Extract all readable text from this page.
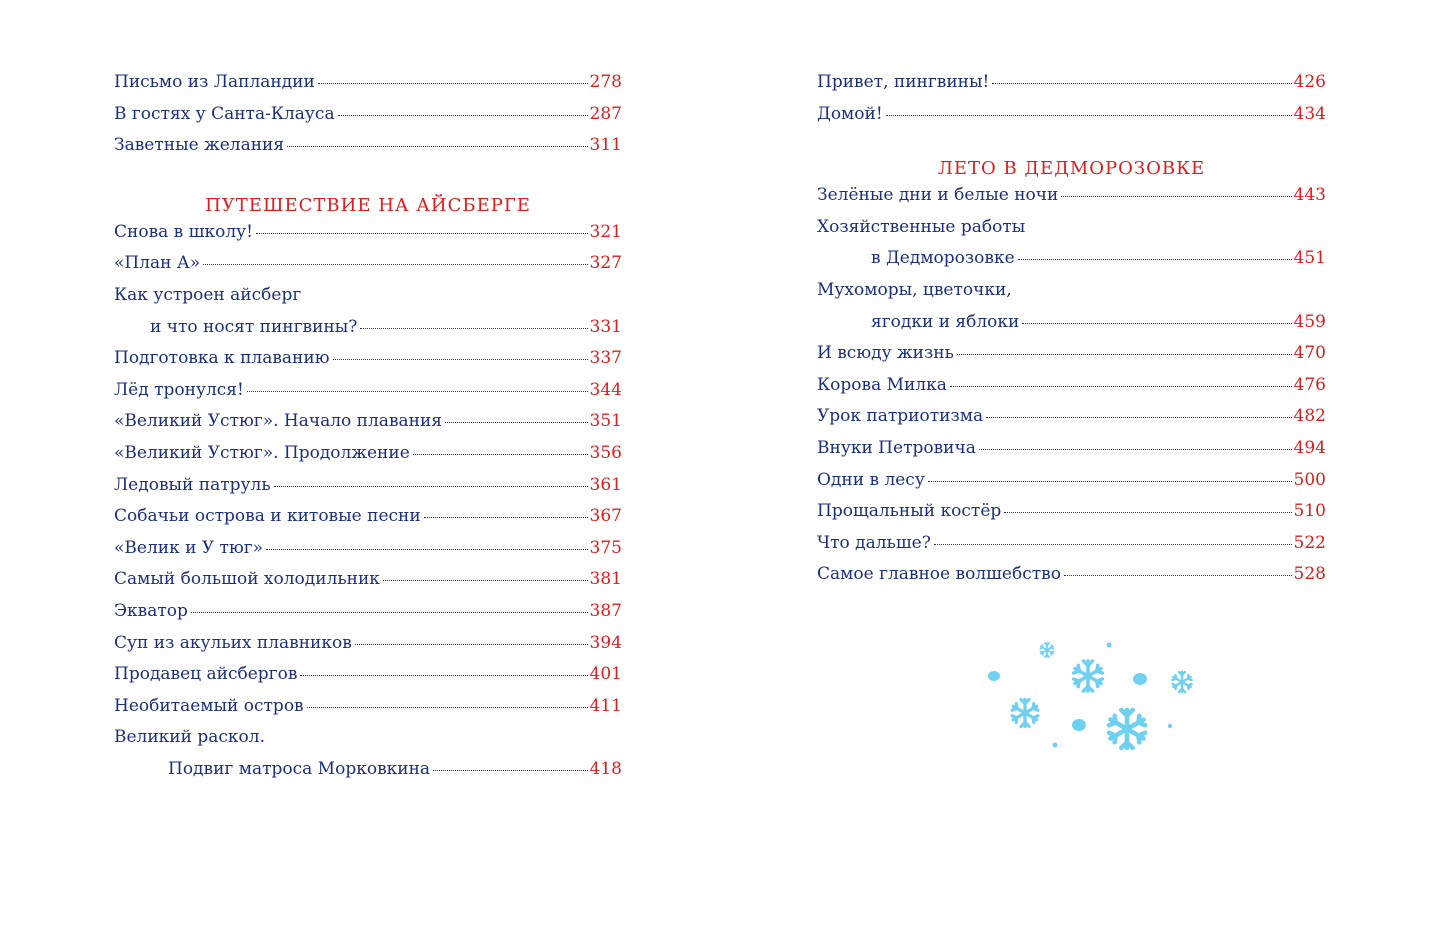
Письмо из Лапландии	278
В гостях у Санта-Клауса	287
Заветные желания	311
ПУТЕШЕСТВИЕ НА АЙСБЕРГЕ
Снова в школу!	321
«План А»	327
Как устроен айсберг
и что носят пингвины?	331
Подготовка к плаванию	337
Лёд тронулся!	344
«Великий Устюг». Начало плавания	351
«Великий Устюг». Продолжение	356
Ледовый патруль	361
Собачьи острова и китовые песни	367
«Велик и У тюг»	375
Самый большой холодильник	381
Экватор	387
Суп из акульих плавников	394
Продавец айсбергов	401
Необитаемый остров	411
Великий раскол.
Подвиг матроса Морковкина	418
Привет, пингвины!	426
Домой!	434
ЛЕТО В ДЕДМОРОЗОВКЕ
Зелёные дни и белые ночи	443
Хозяйственные работы
в Дедморозовке	451
Мухоморы, цветочки,
ягодки и яблоки	459
И всюду жизнь	470
Корова Милка	476
Урок патриотизма	482
Внуки Петровича	494
Одни в лесу	500
Прощальный костёр	510
Что дальше?	522
Самое главное волшебство	528
